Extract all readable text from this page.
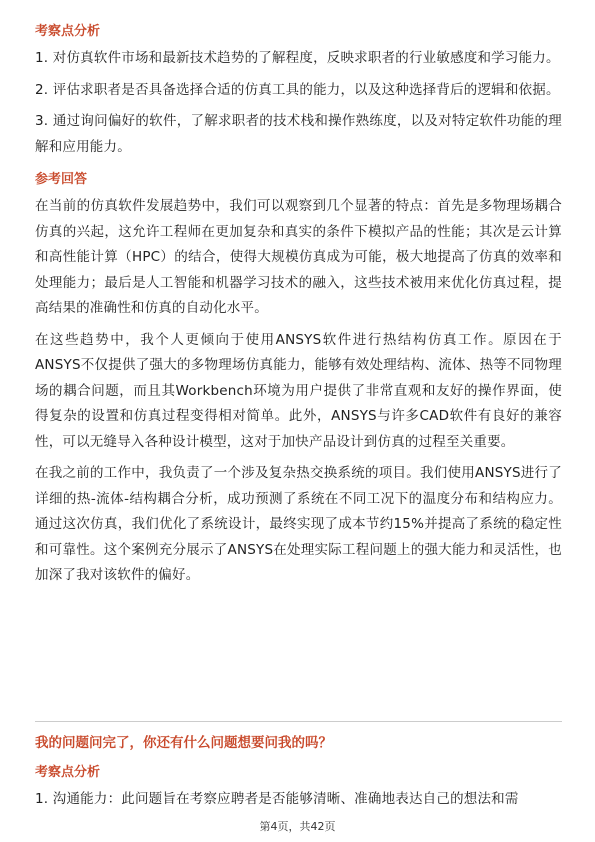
考察点分析
1. 对仿真软件市场和最新技术趋势的了解程度，反映求职者的行业敏感度和学习能力。
2. 评估求职者是否具备选择合适的仿真工具的能力，以及这种选择背后的逻辑和依据。
3. 通过询问偏好的软件，了解求职者的技术栈和操作熟练度，以及对特定软件功能的理解和应用能力。
参考回答
在当前的仿真软件发展趋势中，我们可以观察到几个显著的特点：首先是多物理场耦合仿真的兴起，这允许工程师在更加复杂和真实的条件下模拟产品的性能；其次是云计算和高性能计算（HPC）的结合，使得大规模仿真成为可能，极大地提高了仿真的效率和处理能力；最后是人工智能和机器学习技术的融入，这些技术被用来优化仿真过程，提高结果的准确性和仿真的自动化水平。
在这些趋势中，我个人更倾向于使用ANSYS软件进行热结构仿真工作。原因在于ANSYS不仅提供了强大的多物理场仿真能力，能够有效处理结构、流体、热等不同物理场的耦合问题，而且其Workbench环境为用户提供了非常直观和友好的操作界面，使得复杂的设置和仿真过程变得相对简单。此外，ANSYS与许多CAD软件有良好的兼容性，可以无缝导入各种设计模型，这对于加快产品设计到仿真的过程至关重要。
在我之前的工作中，我负责了一个涉及复杂热交换系统的项目。我们使用ANSYS进行了详细的热-流体-结构耦合分析，成功预测了系统在不同工况下的温度分布和结构应力。通过这次仿真，我们优化了系统设计，最终实现了成本节约15%并提高了系统的稳定性和可靠性。这个案例充分展示了ANSYS在处理实际工程问题上的强大能力和灵活性，也加深了我对该软件的偏好。
我的问题问完了，你还有什么问题想要问我的吗？
考察点分析
1. 沟通能力：此问题旨在考察应聘者是否能够清晰、准确地表达自己的想法和需
第4页，共42页
